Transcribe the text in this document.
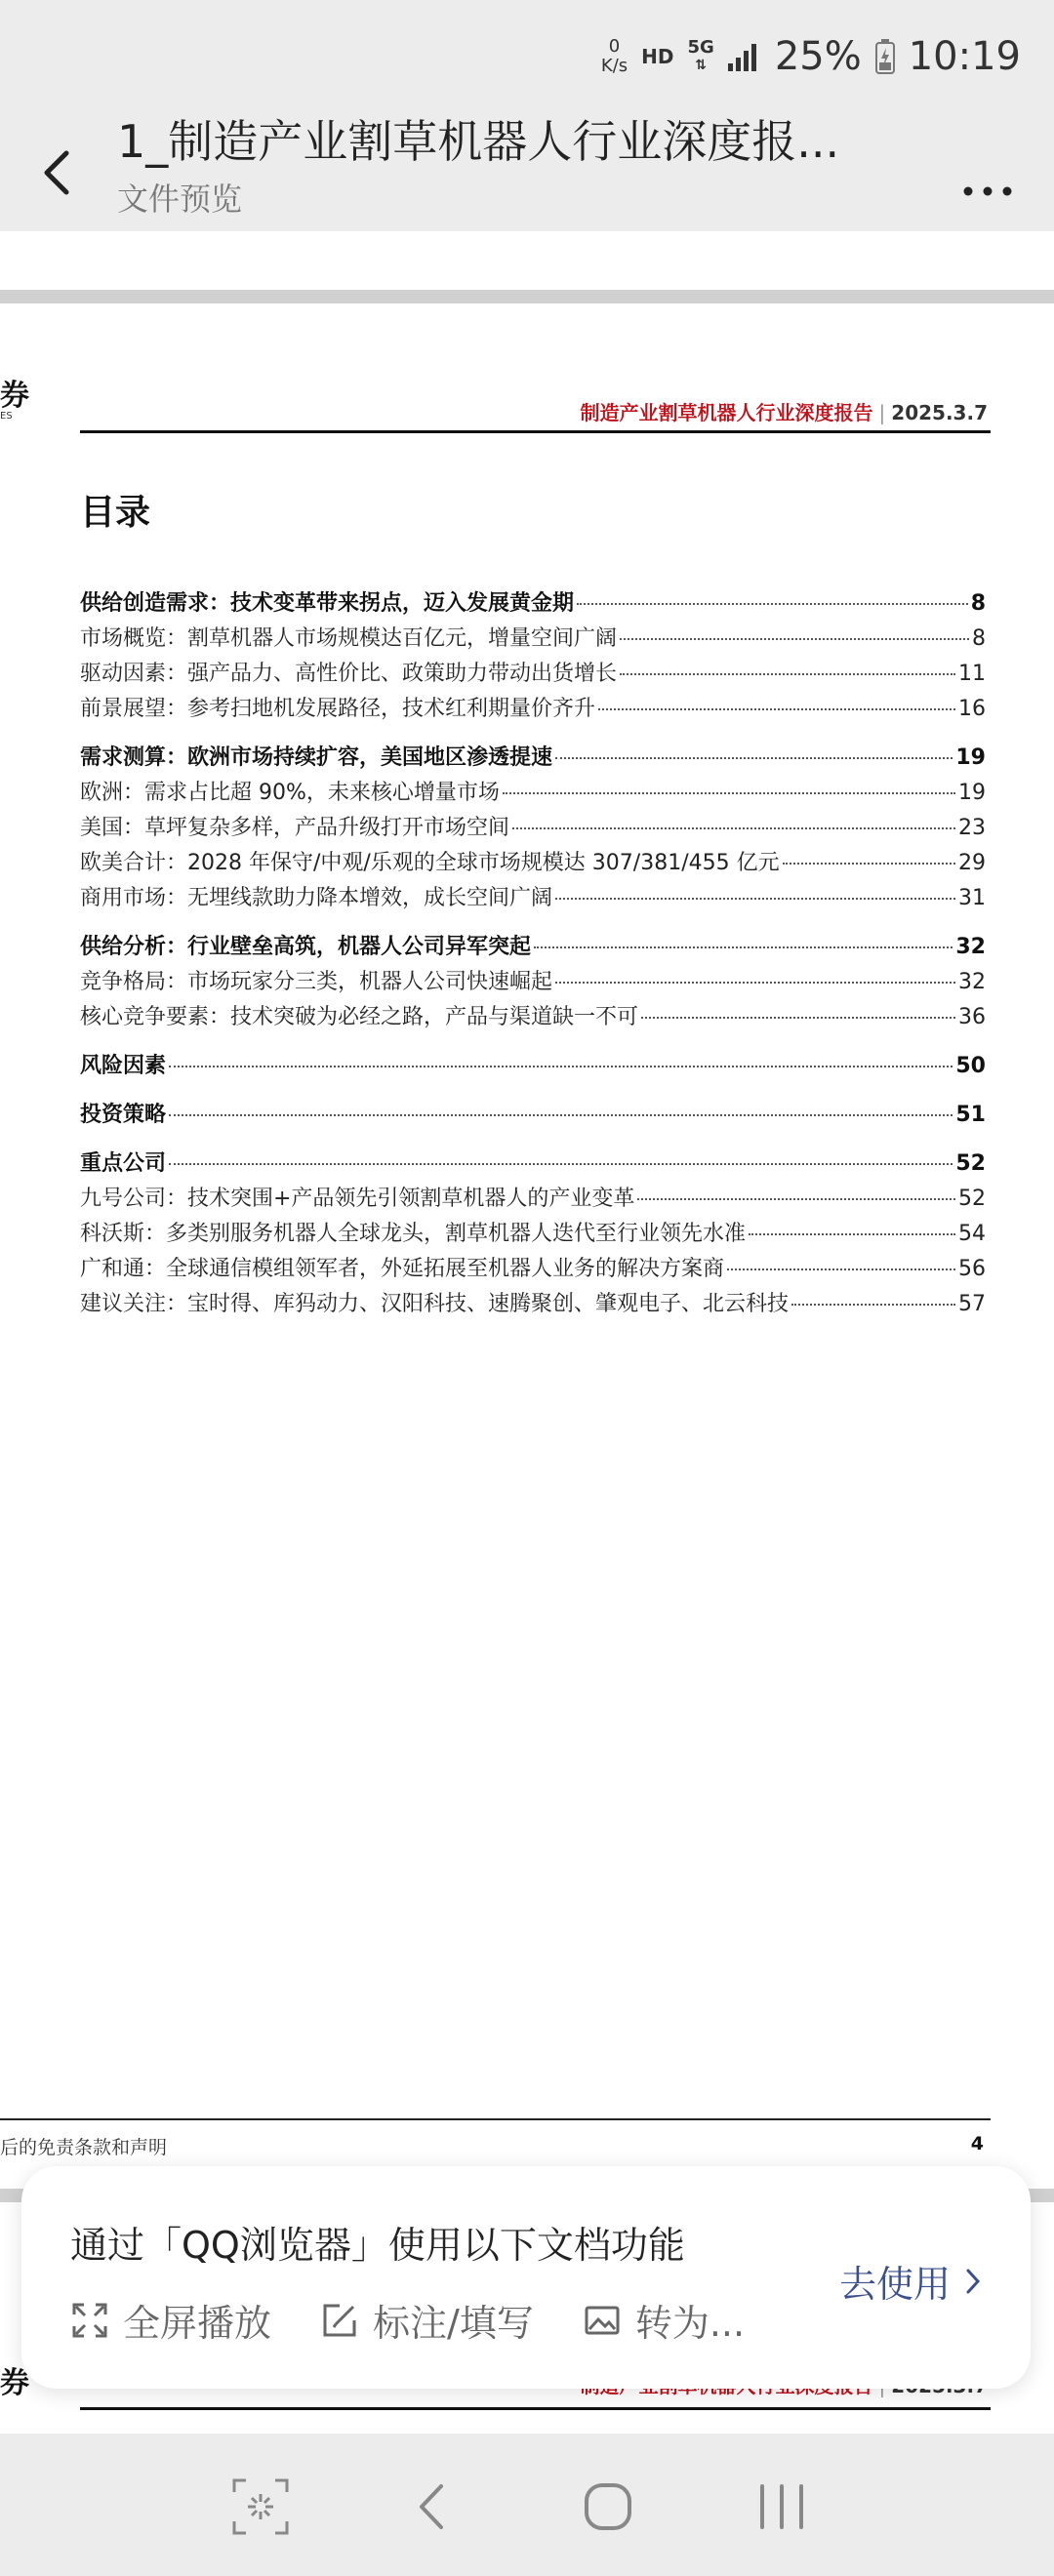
0
K/s HD 5G
⇅ 25% 10:19
1_制造产业割草机器人行业深度报...
文件预览
券
ES	制造产业割草机器人行业深度报告 | 2025.3.7
目录
供给创造需求：技术变革带来拐点，迈入发展黄金期	8
市场概览：割草机器人市场规模达百亿元，增量空间广阔	8
驱动因素：强产品力、高性价比、政策助力带动出货增长	11
前景展望：参考扫地机发展路径，技术红利期量价齐升	16
需求测算：欧洲市场持续扩容，美国地区渗透提速	19
欧洲：需求占比超 90%，未来核心增量市场	19
美国：草坪复杂多样，产品升级打开市场空间	23
欧美合计：2028 年保守/中观/乐观的全球市场规模达 307/381/455 亿元	29
商用市场：无埋线款助力降本增效，成长空间广阔	31
供给分析：行业壁垒高筑，机器人公司异军突起	32
竞争格局：市场玩家分三类，机器人公司快速崛起	32
核心竞争要素：技术突破为必经之路，产品与渠道缺一不可	36
风险因素	50
投资策略	51
重点公司	52
九号公司：技术突围+产品领先引领割草机器人的产业变革	52
科沃斯：多类别服务机器人全球龙头，割草机器人迭代至行业领先水准	54
广和通：全球通信模组领军者，外延拓展至机器人业务的解决方案商	56
建议关注：宝时得、库犸动力、汉阳科技、速腾聚创、肇观电子、北云科技	57
后的免责条款和声明	4
券
通过「QQ浏览器」使用以下文档功能
全屏播放	标注/填写	转为...
去使用
